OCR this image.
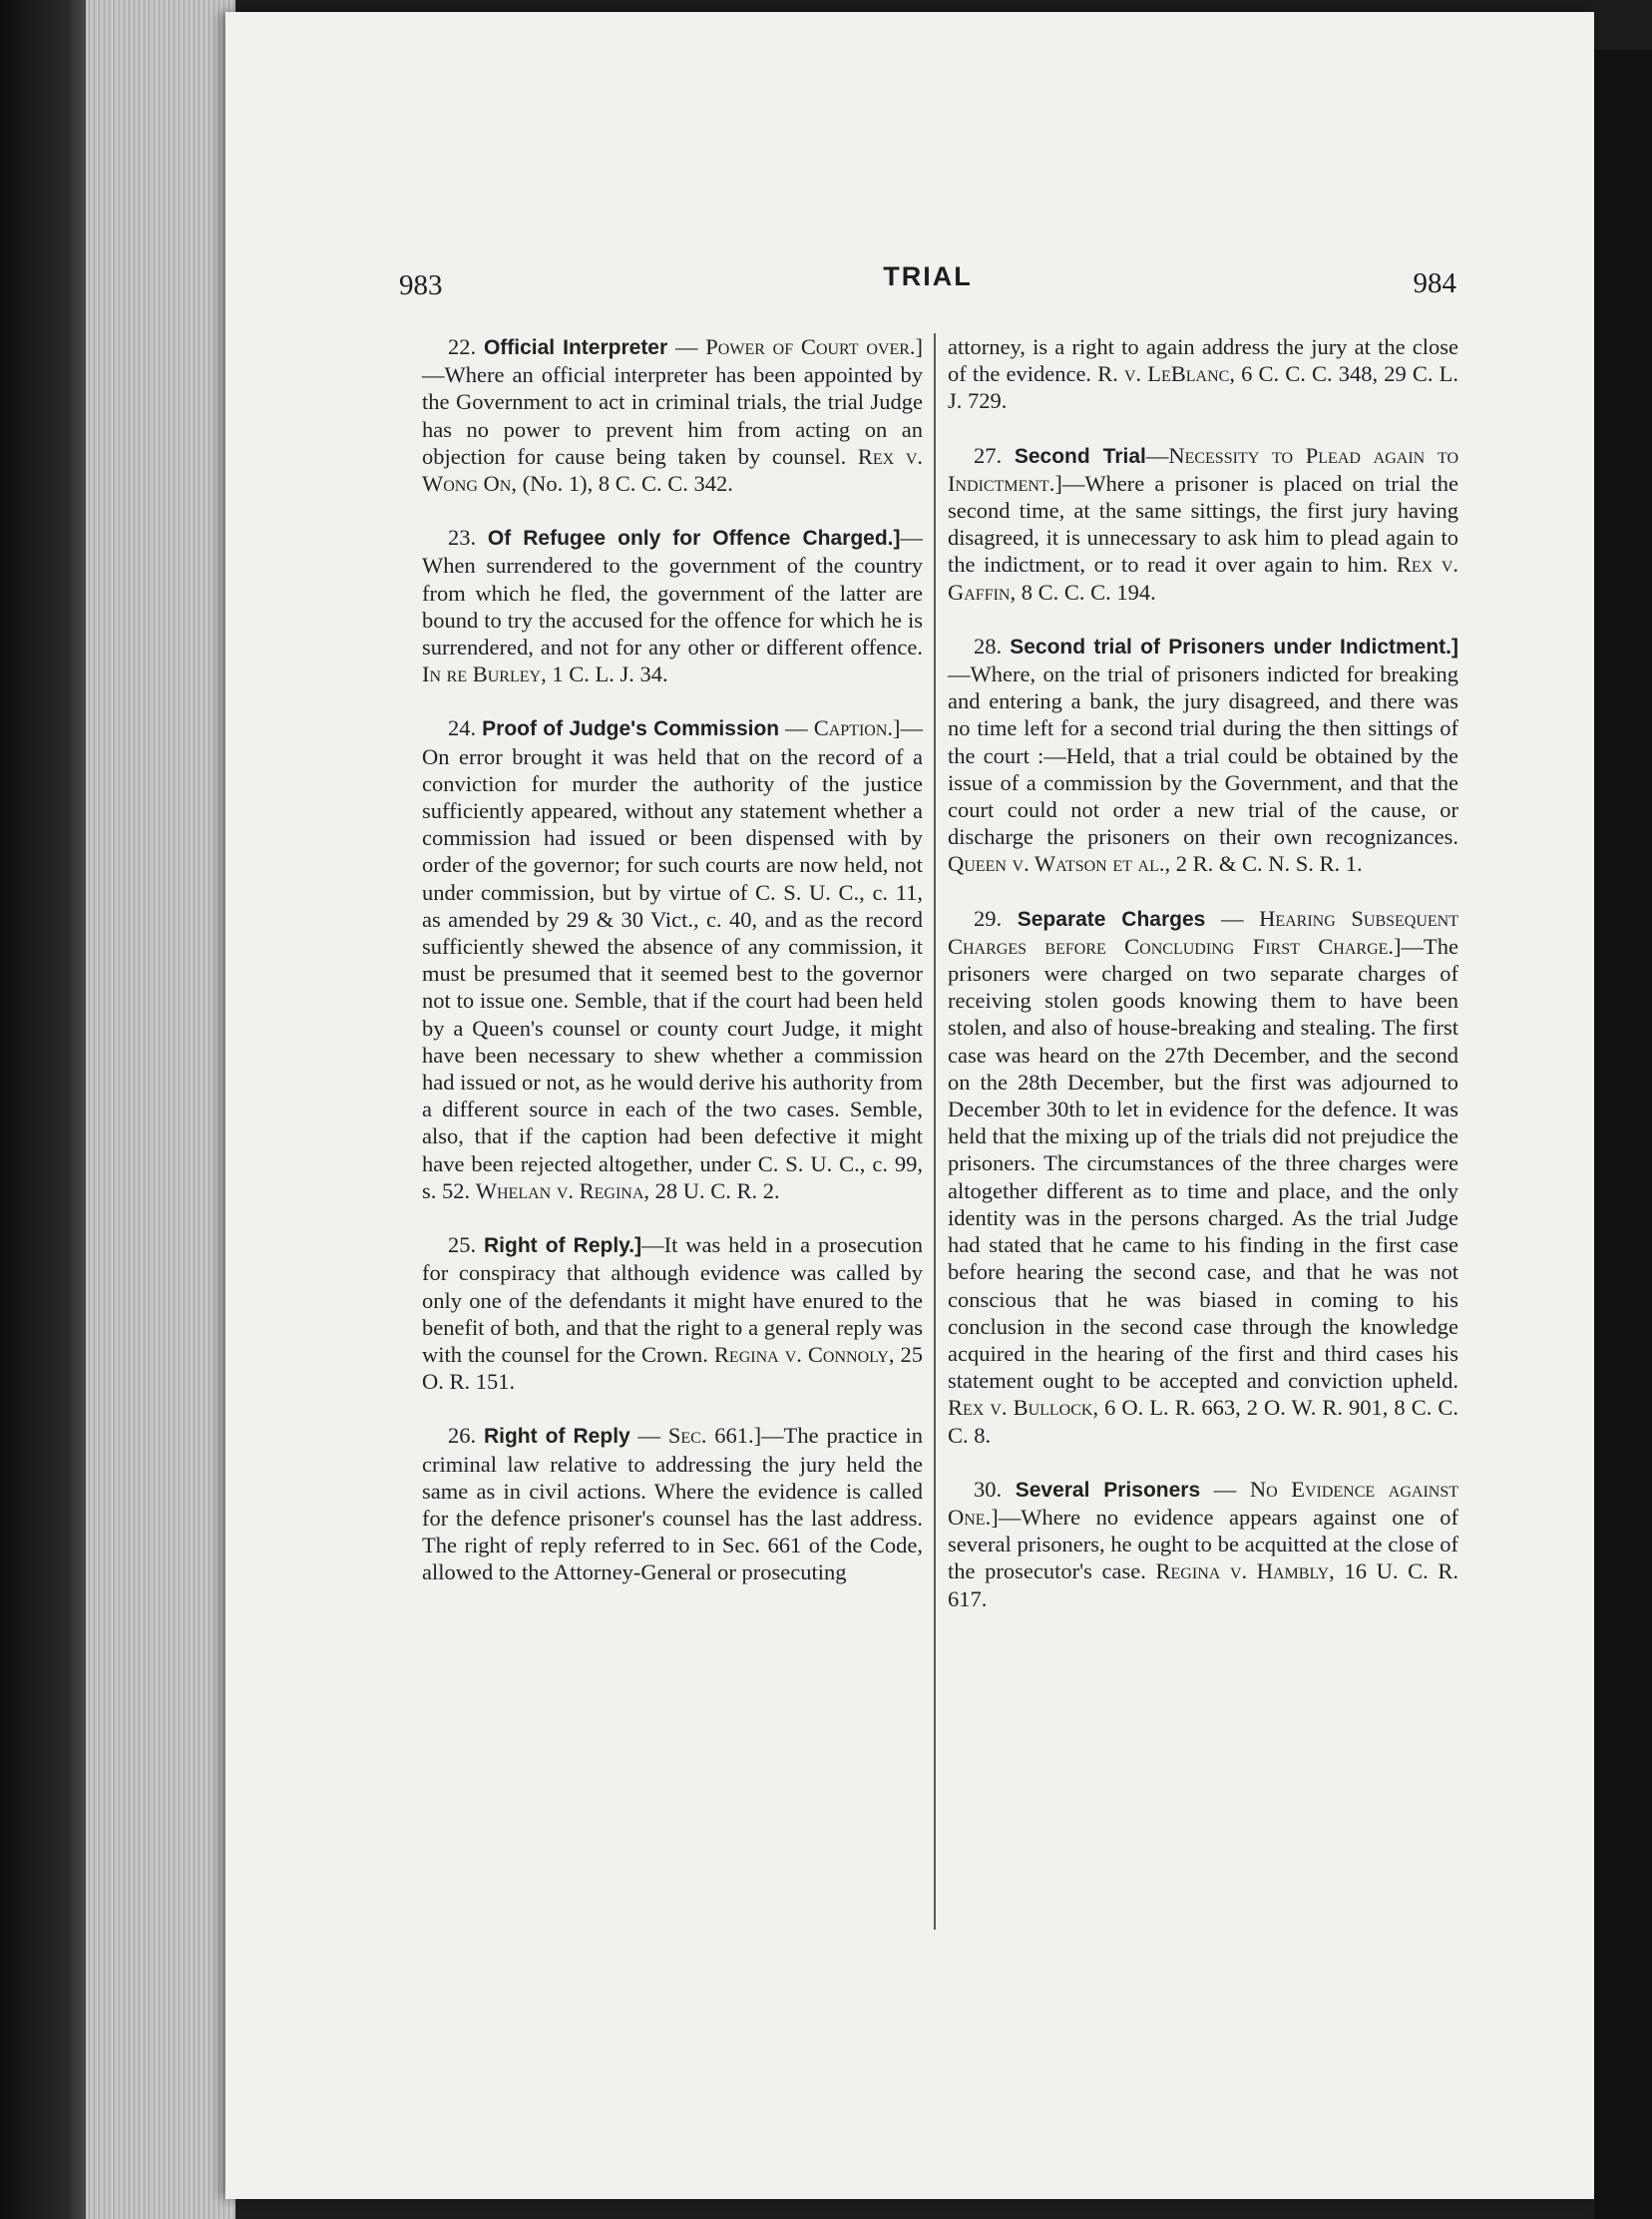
983	TRIAL	984

22. Official Interpreter — Power of Court over.]—Where an official interpreter has been appointed by the Government to act in criminal trials, the trial Judge has no power to prevent him from acting on an objection for cause being taken by counsel. Rex v. Wong On, (No. 1), 8 C. C. C. 342.

23. Of Refugee only for Offence Charged.]—When surrendered to the government of the country from which he fled, the government of the latter are bound to try the accused for the offence for which he is surrendered, and not for any other or different offence. In re Burley, 1 C. L. J. 34.

24. Proof of Judge's Commission — Caption.]— On error brought it was held that on the record of a conviction for murder the authority of the justice sufficiently appeared, without any statement whether a commission had issued or been dispensed with by order of the governor; for such courts are now held, not under commission, but by virtue of C. S. U. C., c. 11, as amended by 29 & 30 Vict., c. 40, and as the record sufficiently shewed the absence of any commission, it must be presumed that it seemed best to the governor not to issue one. Semble, that if the court had been held by a Queen's counsel or county court Judge, it might have been necessary to shew whether a commission had issued or not, as he would derive his authority from a different source in each of the two cases. Semble, also, that if the caption had been defective it might have been rejected altogether, under C. S. U. C., c. 99, s. 52. Whelan v. Regina, 28 U. C. R. 2.

25. Right of Reply.]—It was held in a prosecution for conspiracy that although evidence was called by only one of the defendants it might have enured to the benefit of both, and that the right to a general reply was with the counsel for the Crown. Regina v. Connoly, 25 O. R. 151.

26. Right of Reply — Sec. 661.]—The practice in criminal law relative to addressing the jury held the same as in civil actions. Where the evidence is called for the defence prisoner's counsel has the last address. The right of reply referred to in Sec. 661 of the Code, allowed to the Attorney-General or prosecuting

attorney, is a right to again address the jury at the close of the evidence. R. v. LeBlanc, 6 C. C. C. 348, 29 C. L. J. 729.

27. Second Trial—Necessity to Plead again to Indictment.]—Where a prisoner is placed on trial the second time, at the same sittings, the first jury having disagreed, it is unnecessary to ask him to plead again to the indictment, or to read it over again to him. Rex v. Gaffin, 8 C. C. C. 194.

28. Second trial of Prisoners under Indictment.]—Where, on the trial of prisoners indicted for breaking and entering a bank, the jury disagreed, and there was no time left for a second trial during the then sittings of the court :—Held, that a trial could be obtained by the issue of a commission by the Government, and that the court could not order a new trial of the cause, or discharge the prisoners on their own recognizances. Queen v. Watson et al., 2 R. & C. N. S. R. 1.

29. Separate Charges — Hearing Subsequent Charges before Concluding First Charge.]—The prisoners were charged on two separate charges of receiving stolen goods knowing them to have been stolen, and also of house-breaking and stealing. The first case was heard on the 27th December, and the second on the 28th December, but the first was adjourned to December 30th to let in evidence for the defence. It was held that the mixing up of the trials did not prejudice the prisoners. The circumstances of the three charges were altogether different as to time and place, and the only identity was in the persons charged. As the trial Judge had stated that he came to his finding in the first case before hearing the second case, and that he was not conscious that he was biased in coming to his conclusion in the second case through the knowledge acquired in the hearing of the first and third cases his statement ought to be accepted and conviction upheld. Rex v. Bullock, 6 O. L. R. 663, 2 O. W. R. 901, 8 C. C. C. 8.

30. Several Prisoners — No Evidence against One.]—Where no evidence appears against one of several prisoners, he ought to be acquitted at the close of the prosecutor's case. Regina v. Hambly, 16 U. C. R. 617.
